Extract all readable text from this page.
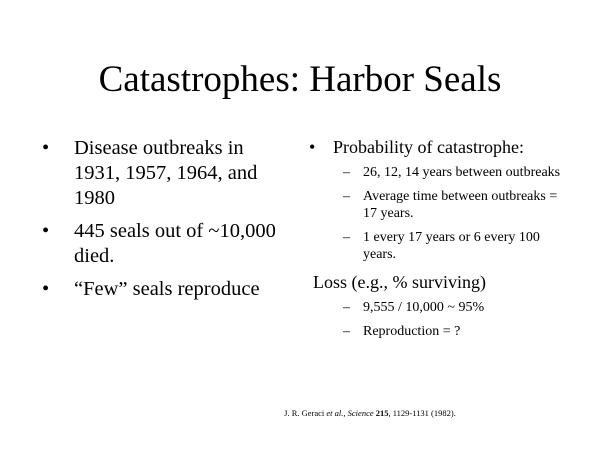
Catastrophes: Harbor Seals
• Disease outbreaks in 1931, 1957, 1964, and 1980
• 445 seals out of ~10,000 died.
• “Few” seals reproduce
• Probability of catastrophe:
– 26, 12, 14 years between outbreaks
– Average time between outbreaks = 17 years.
– 1 every 17 years or 6 every 100 years.
Loss (e.g., % surviving)
– 9,555 / 10,000 ~ 95%
– Reproduction = ?
J. R. Geraci et al., Science 215, 1129-1131 (1982).
